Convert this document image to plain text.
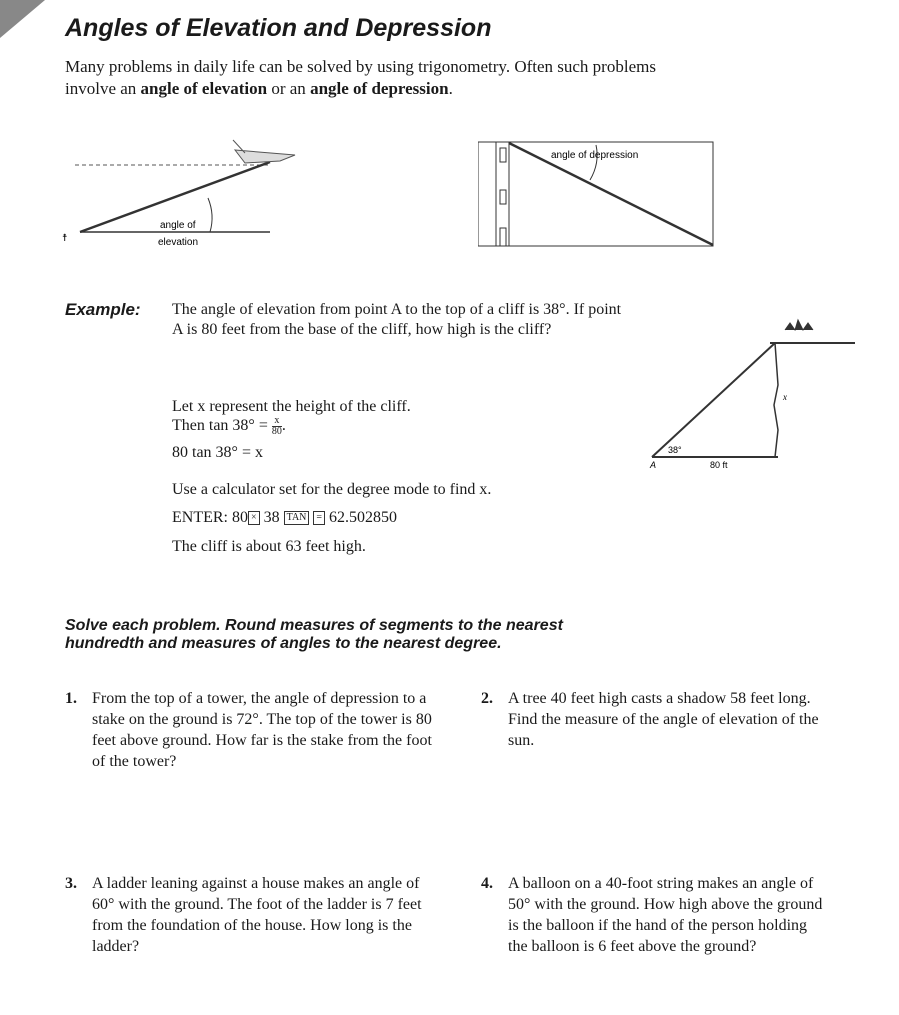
Angles of Elevation and Depression
Many problems in daily life can be solved by using trigonometry. Often such problems involve an angle of elevation or an angle of depression.
angle of
elevation
☨
angle of depression
Example: The angle of elevation from point A to the top of a cliff is 38°. If point A is 80 feet from the base of the cliff, how high is the cliff?
Let x represent the height of the cliff.
Then $\tan 38^\circ = \frac{x}{80}$ .
80 tan 38° = x
Use a calculator set for the degree mode to find x.
ENTER: 80 × 38 TAN = 62.502850
The cliff is about 63 feet high.
38°
A	80 ft
x
Solve each problem. Round measures of segments to the nearest hundredth and measures of angles to the nearest degree.
1. From the top of a tower, the angle of depression to a stake on the ground is 72°. The top of the tower is 80 feet above ground. How far is the stake from the foot of the tower?
2. A tree 40 feet high casts a shadow 58 feet long. Find the measure of the angle of elevation of the sun.
3. A ladder leaning against a house makes an angle of 60° with the ground. The foot of the ladder is 7 feet from the foundation of the house. How long is the ladder?
4. A balloon on a 40-foot string makes an angle of 50° with the ground. How high above the ground is the balloon if the hand of the person holding the balloon is 6 feet above the ground?
